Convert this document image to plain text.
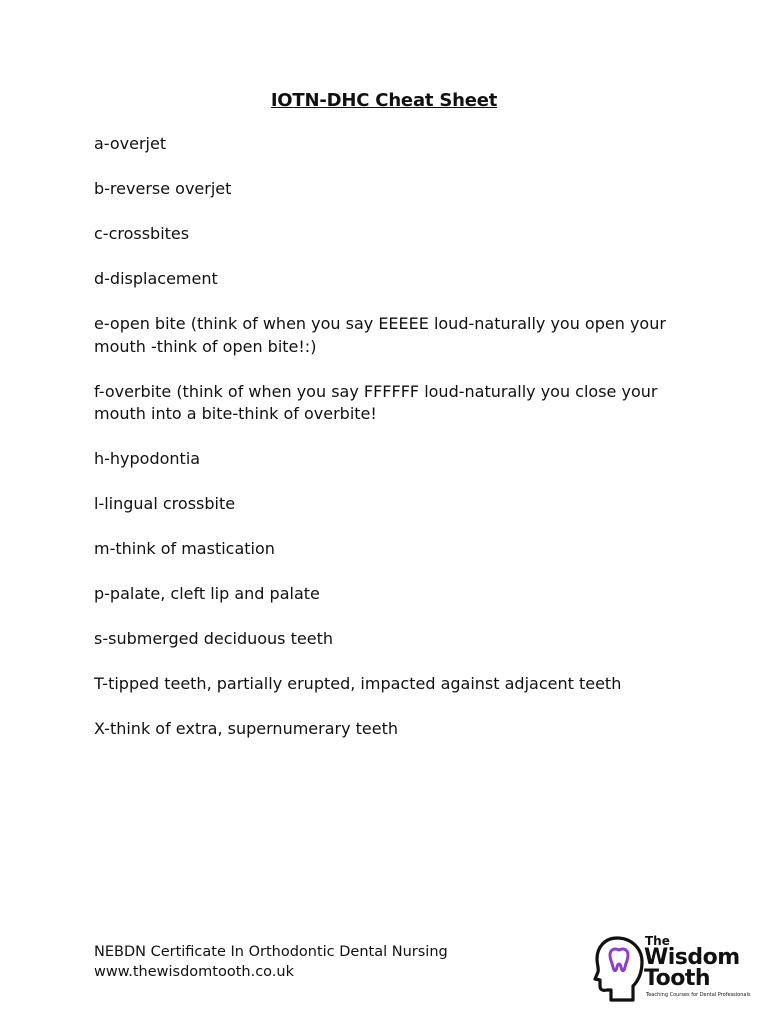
IOTN-DHC Cheat Sheet
a-overjet
b-reverse overjet
c-crossbites
d-displacement
e-open bite (think of when you say EEEEE loud-naturally you open your mouth -think of open bite!:)
f-overbite (think of when you say FFFFFF loud-naturally you close your mouth into a bite-think of overbite!
h-hypodontia
l-lingual crossbite
m-think of mastication
p-palate, cleft lip and palate
s-submerged deciduous teeth
T-tipped teeth, partially erupted, impacted against adjacent teeth
X-think of extra, supernumerary teeth
NEBDN Certificate In Orthodontic Dental Nursing
www.thewisdomtooth.co.uk
The
Wisdom
Tooth
Teaching Courses for Dental Professionals
